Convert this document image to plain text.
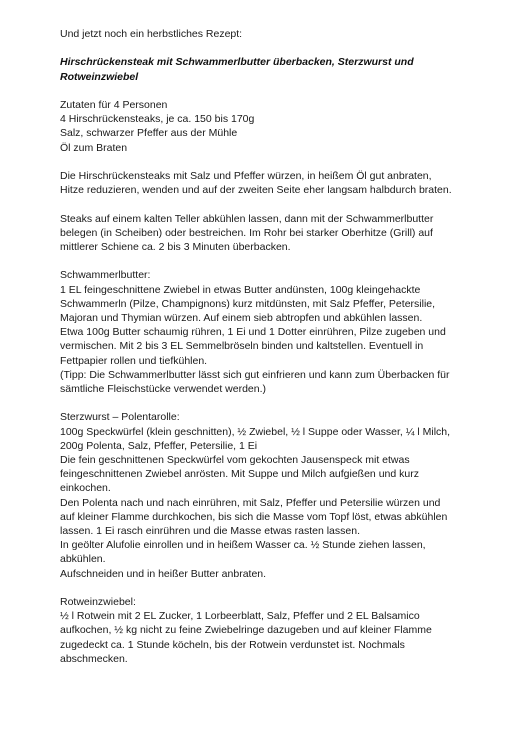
Und jetzt noch ein herbstliches Rezept:
Hirschrückensteak mit Schwammerlbutter überbacken, Sterzwurst und
Rotweinzwiebel
Zutaten für 4 Personen
4 Hirschrückensteaks, je ca. 150 bis 170g
Salz, schwarzer Pfeffer aus der Mühle
Öl zum Braten
Die Hirschrückensteaks mit Salz und Pfeffer würzen, in heißem Öl gut anbraten,
Hitze reduzieren, wenden und auf der zweiten Seite eher langsam halbdurch braten.
Steaks auf einem kalten Teller abkühlen lassen, dann mit der Schwammerlbutter
belegen (in Scheiben) oder bestreichen. Im Rohr bei starker Oberhitze (Grill) auf
mittlerer Schiene ca. 2 bis 3 Minuten überbacken.
Schwammerlbutter:
1 EL feingeschnittene Zwiebel in etwas Butter andünsten, 100g kleingehackte
Schwammerln (Pilze, Champignons) kurz mitdünsten, mit Salz Pfeffer, Petersilie,
Majoran und Thymian würzen. Auf einem sieb abtropfen und abkühlen lassen.
Etwa 100g Butter schaumig rühren, 1 Ei und 1 Dotter einrühren, Pilze zugeben und
vermischen. Mit 2 bis 3 EL Semmelbröseln binden und kaltstellen. Eventuell in
Fettpapier rollen und tiefkühlen.
(Tipp: Die Schwammerlbutter lässt sich gut einfrieren und kann zum Überbacken für
sämtliche Fleischstücke verwendet werden.)
Sterzwurst – Polentarolle:
100g Speckwürfel (klein geschnitten), ½ Zwiebel, ½ l Suppe oder Wasser, ¼ l Milch,
200g Polenta, Salz, Pfeffer, Petersilie, 1 Ei
Die fein geschnittenen Speckwürfel vom gekochten Jausenspeck mit etwas
feingeschnittenen Zwiebel anrösten. Mit Suppe und Milch aufgießen und kurz
einkochen.
Den Polenta nach und nach einrühren, mit Salz, Pfeffer und Petersilie würzen und
auf kleiner Flamme durchkochen, bis sich die Masse vom Topf löst, etwas abkühlen
lassen. 1 Ei rasch einrühren und die Masse etwas rasten lassen.
In geölter Alufolie einrollen und in heißem Wasser ca. ½ Stunde ziehen lassen,
abkühlen.
Aufschneiden und in heißer Butter anbraten.
Rotweinzwiebel:
½ l Rotwein mit 2 EL Zucker, 1 Lorbeerblatt, Salz, Pfeffer und 2 EL Balsamico
aufkochen, ½ kg nicht zu feine Zwiebelringe dazugeben und auf kleiner Flamme
zugedeckt ca. 1 Stunde köcheln, bis der Rotwein verdunstet ist. Nochmals
abschmecken.
